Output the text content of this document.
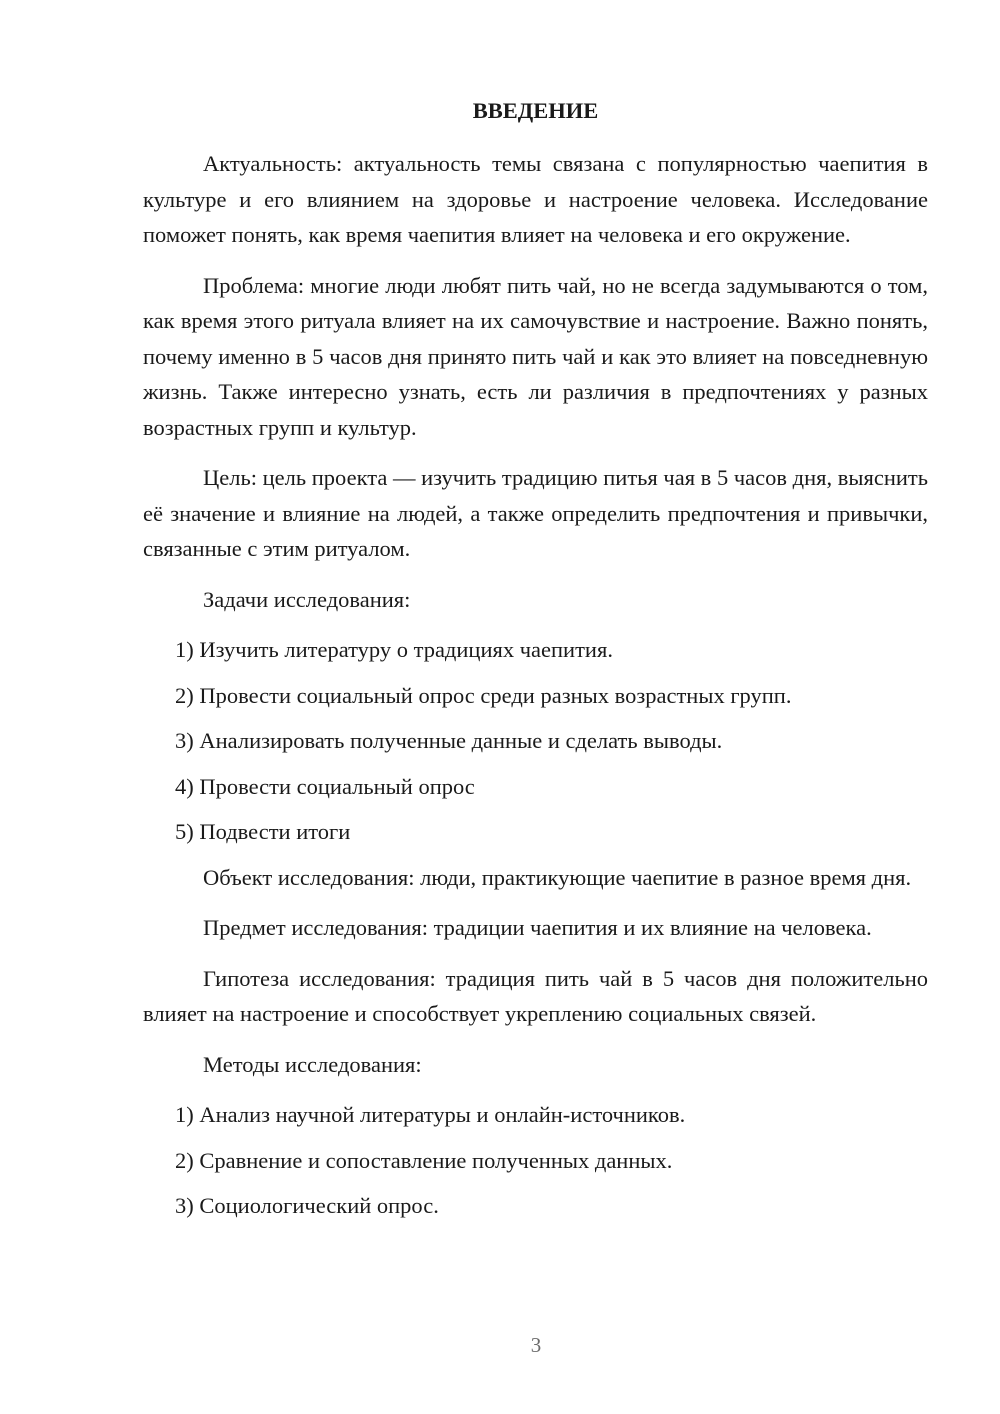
ВВЕДЕНИЕ

Актуальность: актуальность темы связана с популярностью чаепития в культуре и его влиянием на здоровье и настроение человека. Исследование поможет понять, как время чаепития влияет на человека и его окружение.

Проблема: многие люди любят пить чай, но не всегда задумываются о том, как время этого ритуала влияет на их самочувствие и настроение. Важно понять, почему именно в 5 часов дня принято пить чай и как это влияет на повседневную жизнь. Также интересно узнать, есть ли различия в предпочтениях у разных возрастных групп и культур.

Цель: цель проекта — изучить традицию питья чая в 5 часов дня, выяснить её значение и влияние на людей, а также определить предпочтения и привычки, связанные с этим ритуалом.

Задачи исследования:

1) Изучить литературу о традициях чаепития.
2) Провести социальный опрос среди разных возрастных групп.
3) Анализировать полученные данные и сделать выводы.
4) Провести социальный опрос
5) Подвести итоги

Объект исследования: люди, практикующие чаепитие в разное время дня.

Предмет исследования: традиции чаепития и их влияние на человека.

Гипотеза исследования: традиция пить чай в 5 часов дня положительно влияет на настроение и способствует укреплению социальных связей.

Методы исследования:

1) Анализ научной литературы и онлайн-источников.
2) Сравнение и сопоставление полученных данных.
3) Социологический опрос.
3
